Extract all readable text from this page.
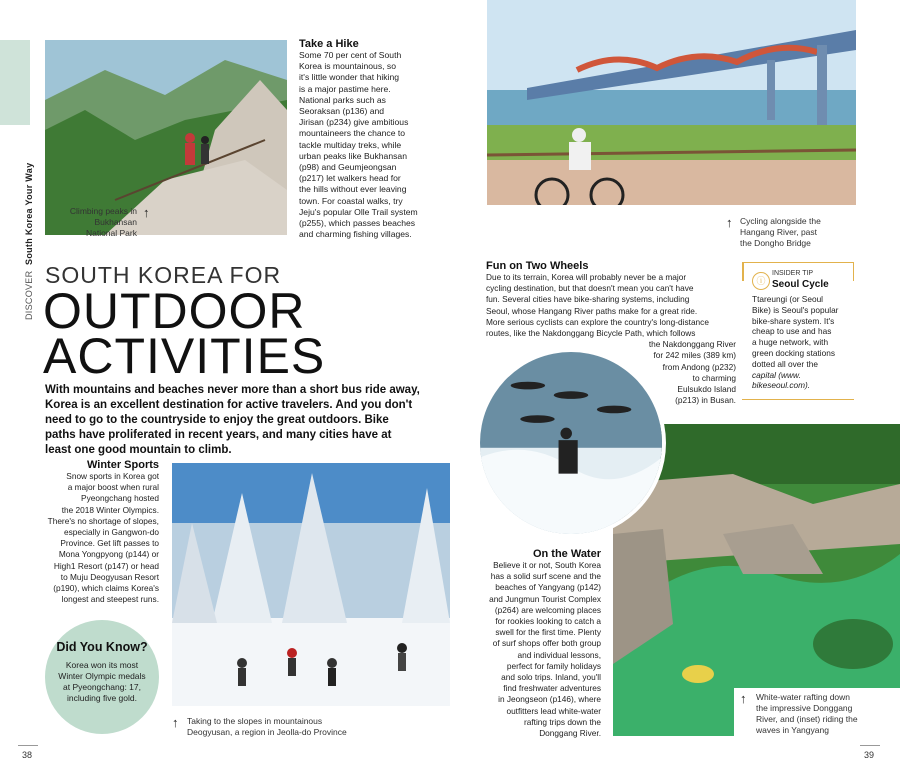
DISCOVER  South Korea Your Way	↑
Climbing peaks in
Bukhansan
National Park
Take a Hike
Some 70 per cent of South
Korea is mountainous, so
it's little wonder that hiking
is a major pastime here.
National parks such as
Seoraksan (p136) and
Jirisan (p234) give ambitious
mountaineers the chance to
tackle multiday treks, while
urban peaks like Bukhansan
(p98) and Geumjeongsan
(p217) let walkers head for
the hills without ever leaving
town. For coastal walks, try
Jeju's popular Olle Trail system
(p255), which passes beaches
and charming fishing villages.
↑ Cycling alongside the
Hangang River, past
the Dongho Bridge
SOUTH KOREA FOR
OUTDOOR
ACTIVITIES
With mountains and beaches never more than a short bus ride away, Korea is an excellent destination for active travelers. And you don't need to go to the countryside to enjoy the great outdoors. Bike paths have proliferated in recent years, and many cities have at least one good mountain to climb.
Fun on Two Wheels
Due to its terrain, Korea will probably never be a major
cycling destination, but that doesn't mean you can't have
fun. Several cities have bike-sharing systems, including
Seoul, whose Hangang River paths make for a great ride.
More serious cyclists can explore the country's long-distance
routes, like the Nakdonggang Bicycle Path, which follows
the Nakdonggang River
for 242 miles (389 km)
from Andong (p232)
to charming
Eulsukdo Island
(p213) in Busan.
ⓘ
INSIDER TIP
Seoul Cycle
Ttareungi (or Seoul
Bike) is Seoul's popular
bike-share system. It's
cheap to use and has
a huge network, with
green docking stations
dotted all over the
capital (www.
bikeseoul.com).
Winter Sports
Snow sports in Korea got
a major boost when rural
Pyeongchang hosted
the 2018 Winter Olympics.
There's no shortage of slopes,
especially in Gangwon-do
Province. Get lift passes to
Mona Yongpyong (p144) or
High1 Resort (p147) or head
to Muju Deogyusan Resort
(p190), which claims Korea's
longest and steepest runs.
↑ Taking to the slopes in mountainous
Deogyusan, a region in Jeolla-do Province
Did You Know?
Korea won its most
Winter Olympic medals
at Pyeongchang: 17,
including five gold.
On the Water
Believe it or not, South Korea
has a solid surf scene and the
beaches of Yangyang (p142)
and Jungmun Tourist Complex
(p264) are welcoming places
for rookies looking to catch a
swell for the first time. Plenty
of surf shops offer both group
and individual lessons,
perfect for family holidays
and solo trips. Inland, you'll
find freshwater adventures
in Jeongseon (p146), where
outfitters lead white-water
rafting trips down the
Donggang River.
↑ White-water rafting down
the impressive Donggang
River, and (inset) riding the
waves in Yangyang
38	39
